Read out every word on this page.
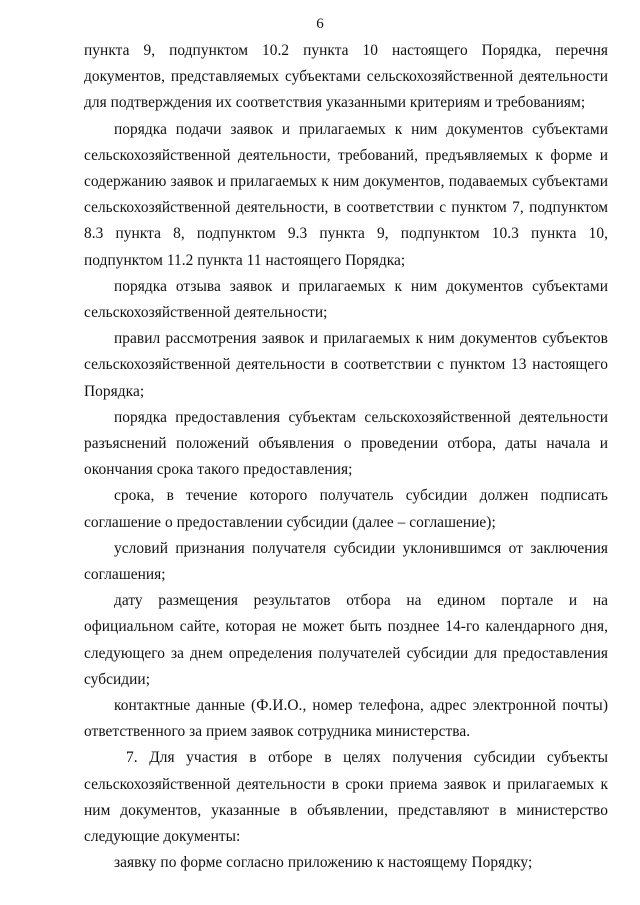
6

пункта 9, подпунктом 10.2 пункта 10 настоящего Порядка, перечня документов, представляемых субъектами сельскохозяйственной деятельности для подтверждения их соответствия указанными критериям и требованиям;

порядка подачи заявок и прилагаемых к ним документов субъектами сельскохозяйственной деятельности, требований, предъявляемых к форме и содержанию заявок и прилагаемых к ним документов, подаваемых субъектами сельскохозяйственной деятельности, в соответствии с пунктом 7, подпунктом 8.3 пункта 8, подпунктом 9.3 пункта 9, подпунктом 10.3 пункта 10, подпунктом 11.2 пункта 11 настоящего Порядка;

порядка отзыва заявок и прилагаемых к ним документов субъектами сельскохозяйственной деятельности;

правил рассмотрения заявок и прилагаемых к ним документов субъектов сельскохозяйственной деятельности в соответствии с пунктом 13 настоящего Порядка;

порядка предоставления субъектам сельскохозяйственной деятельности разъяснений положений объявления о проведении отбора, даты начала и окончания срока такого предоставления;

срока, в течение которого получатель субсидии должен подписать соглашение о предоставлении субсидии (далее – соглашение);

условий признания получателя субсидии уклонившимся от заключения соглашения;

дату размещения результатов отбора на едином портале и на официальном сайте, которая не может быть позднее 14-го календарного дня, следующего за днем определения получателей субсидии для предоставления субсидии;

контактные данные (Ф.И.О., номер телефона, адрес электронной почты) ответственного за прием заявок сотрудника министерства.

7. Для участия в отборе в целях получения субсидии субъекты сельскохозяйственной деятельности в сроки приема заявок и прилагаемых к ним документов, указанные в объявлении, представляют в министерство следующие документы:

заявку по форме согласно приложению к настоящему Порядку;
